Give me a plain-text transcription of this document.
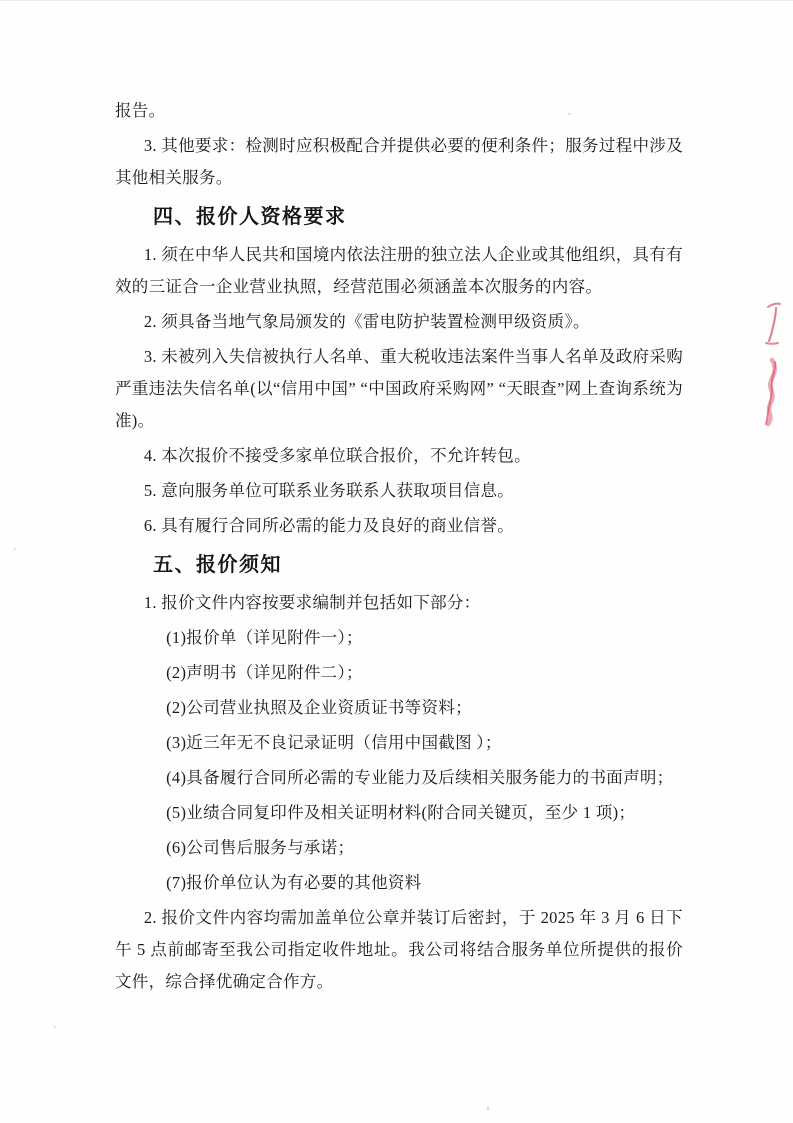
报告。

3. 其他要求：检测时应积极配合并提供必要的便利条件；服务过程中涉及其他相关服务。

四、报价人资格要求

1. 须在中华人民共和国境内依法注册的独立法人企业或其他组织，具有有效的三证合一企业营业执照，经营范围必须涵盖本次服务的内容。

2. 须具备当地气象局颁发的《雷电防护装置检测甲级资质》。

3. 未被列入失信被执行人名单、重大税收违法案件当事人名单及政府采购严重违法失信名单(以“信用中国” “中国政府采购网” “天眼查”网上查询系统为准)。

4. 本次报价不接受多家单位联合报价，不允许转包。

5. 意向服务单位可联系业务联系人获取项目信息。

6. 具有履行合同所必需的能力及良好的商业信誉。

五、报价须知

1. 报价文件内容按要求编制并包括如下部分：

(1)报价单（详见附件一）；

(2)声明书（详见附件二）；

(2)公司营业执照及企业资质证书等资料；

(3)近三年无不良记录证明（信用中国截图 ）；

(4)具备履行合同所必需的专业能力及后续相关服务能力的书面声明；

(5)业绩合同复印件及相关证明材料(附合同关键页，至少 1 项)；

(6)公司售后服务与承诺；

(7)报价单位认为有必要的其他资料

2. 报价文件内容均需加盖单位公章并装订后密封，于 2025 年 3 月 6 日下午 5 点前邮寄至我公司指定收件地址。我公司将结合服务单位所提供的报价文件，综合择优确定合作方。
